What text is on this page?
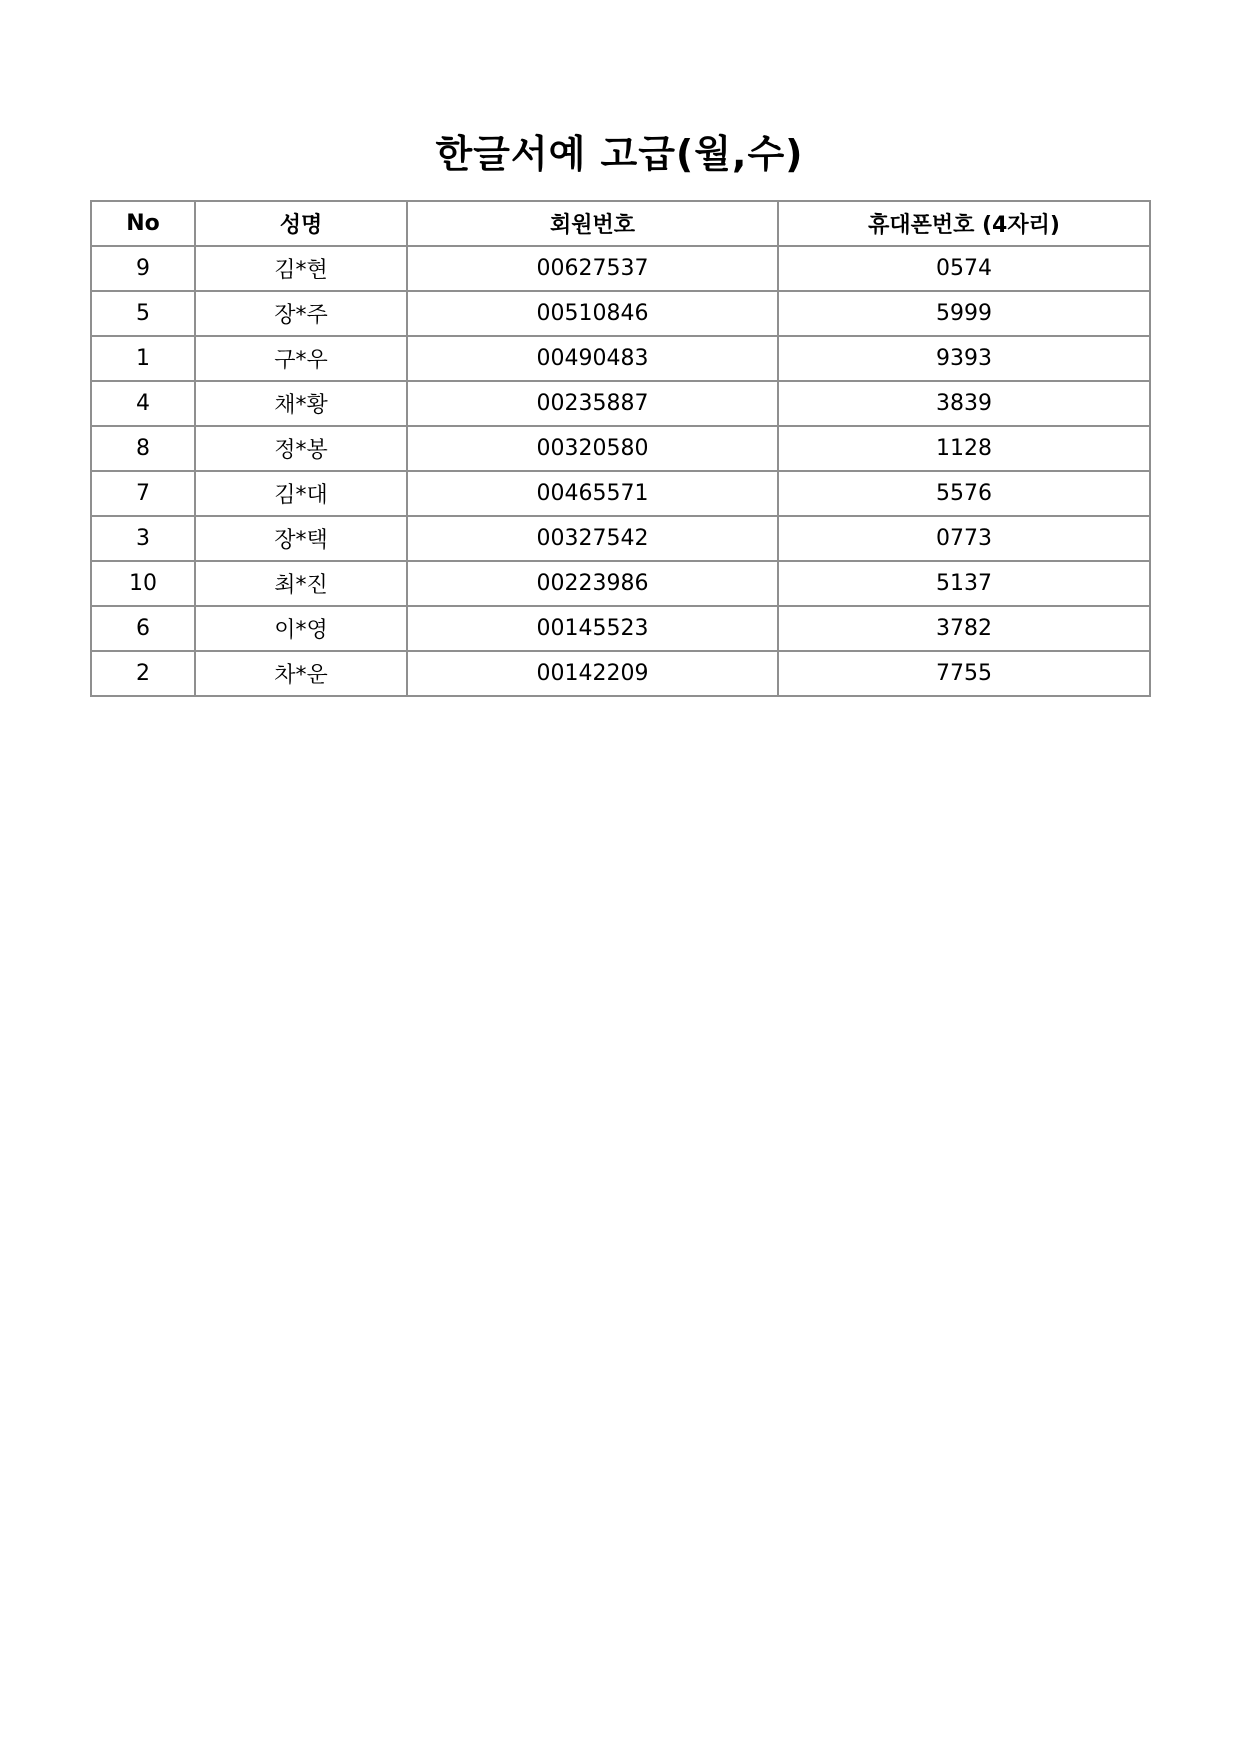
한글서예 고급(월,수)
No	성명	회원번호	휴대폰번호 (4자리)
9	김*현	00627537	0574
5	장*주	00510846	5999
1	구*우	00490483	9393
4	채*황	00235887	3839
8	정*봉	00320580	1128
7	김*대	00465571	5576
3	장*택	00327542	0773
10	최*진	00223986	5137
6	이*영	00145523	3782
2	차*운	00142209	7755
